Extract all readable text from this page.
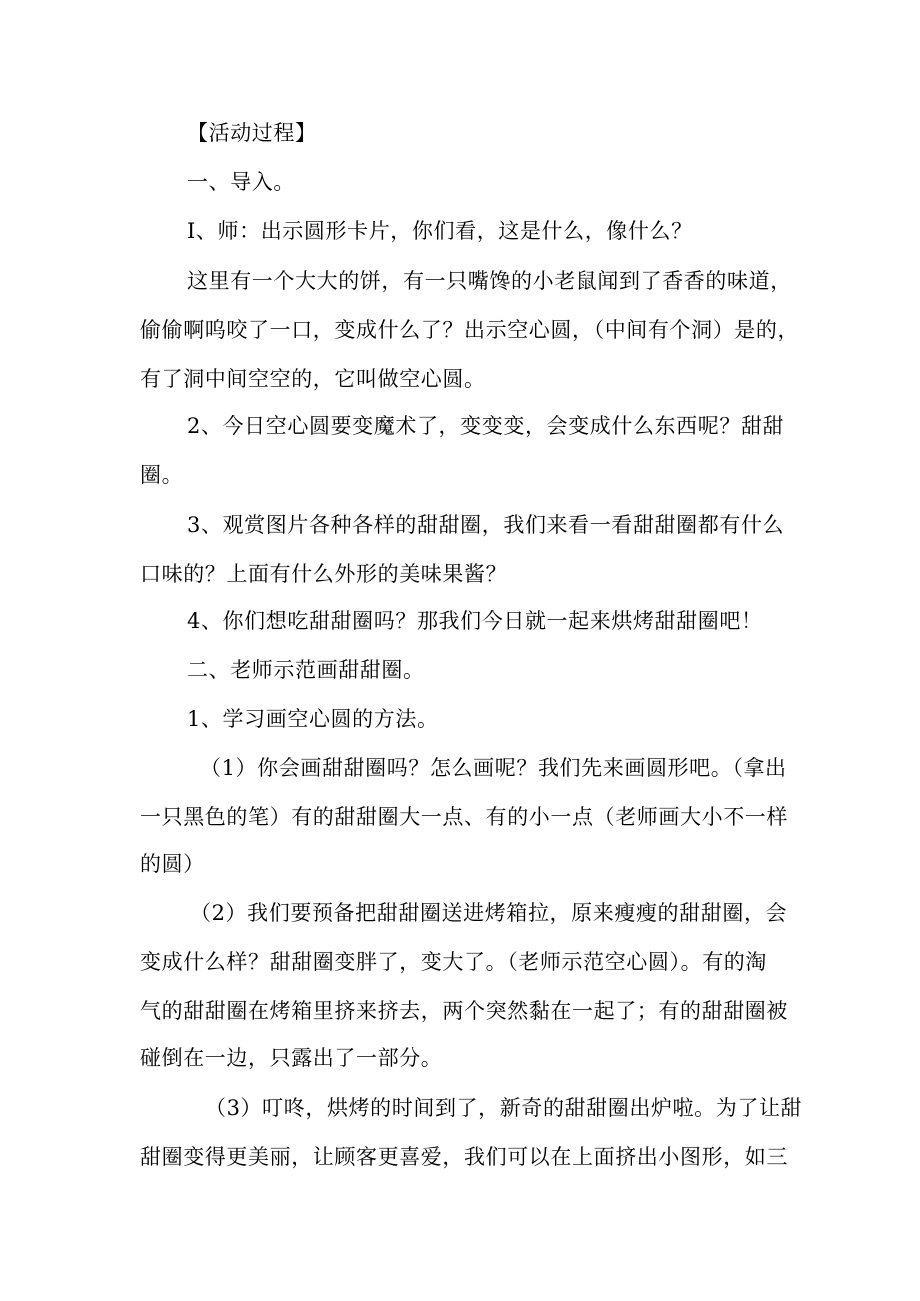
【活动过程】
一、导入。
I、师：出示圆形卡片，你们看，这是什么，像什么？
这里有一个大大的饼，有一只嘴馋的小老鼠闻到了香香的味道，
偷偷啊呜咬了一口，变成什么了？出示空心圆，（中间有个洞）是的，
有了洞中间空空的，它叫做空心圆。
2、今日空心圆要变魔术了，变变变，会变成什么东西呢？甜甜
圈。
3、观赏图片各种各样的甜甜圈，我们来看一看甜甜圈都有什么
口味的？上面有什么外形的美味果酱？
4、你们想吃甜甜圈吗？那我们今日就一起来烘烤甜甜圈吧！
二、老师示范画甜甜圈。
1、学习画空心圆的方法。
（1）你会画甜甜圈吗？怎么画呢？我们先来画圆形吧。（拿出
一只黑色的笔）有的甜甜圈大一点、有的小一点（老师画大小不一样
的圆）
（2）我们要预备把甜甜圈送进烤箱拉，原来瘦瘦的甜甜圈，会
变成什么样？甜甜圈变胖了，变大了。（老师示范空心圆）。有的淘
气的甜甜圈在烤箱里挤来挤去，两个突然黏在一起了；有的甜甜圈被
碰倒在一边，只露出了一部分。
（3）叮咚，烘烤的时间到了，新奇的甜甜圈出炉啦。为了让甜
甜圈变得更美丽，让顾客更喜爱，我们可以在上面挤出小图形，如三
